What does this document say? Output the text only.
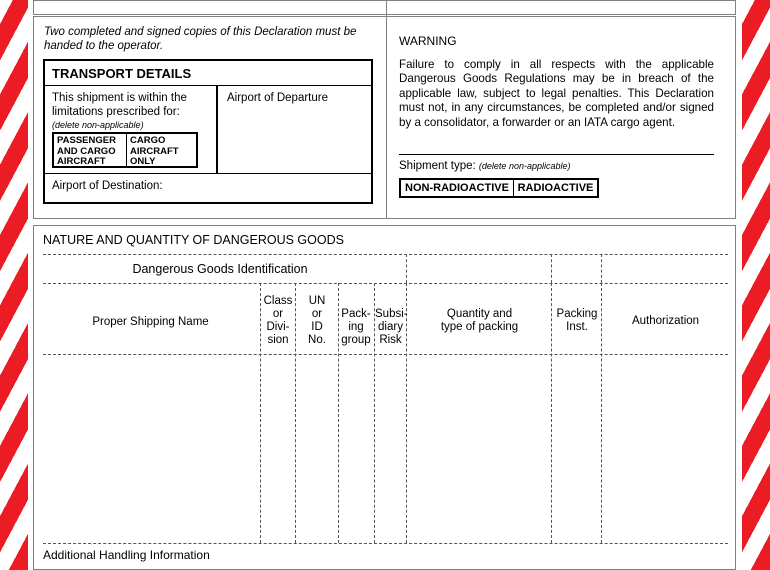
Two completed and signed copies of this Declaration must be handed to the operator.
TRANSPORT DETAILS
This shipment is within the limitations prescribed for:
(delete non-applicable)
PASSENGER AND CARGO AIRCRAFT
CARGO AIRCRAFT ONLY
Airport of Departure
Airport of Destination:
WARNING
Failure to comply in all respects with the applicable Dangerous Goods Regulations may be in breach of the applicable law, subject to legal penalties. This Declaration must not, in any circumstances, be completed and/or signed by a consolidator, a forwarder or an IATA cargo agent.
Shipment type: (delete non-applicable)
NON-RADIOACTIVE RADIOACTIVE
NATURE AND QUANTITY OF DANGEROUS GOODS
Dangerous Goods Identification
Proper Shipping Name
Class
or
Divi-
sion
UN
or
ID
No.
Pack-
ing
group
Subsi-
diary
Risk
Quantity and
type of packing
Packing
Inst.	Authorization
Additional Handling Information
